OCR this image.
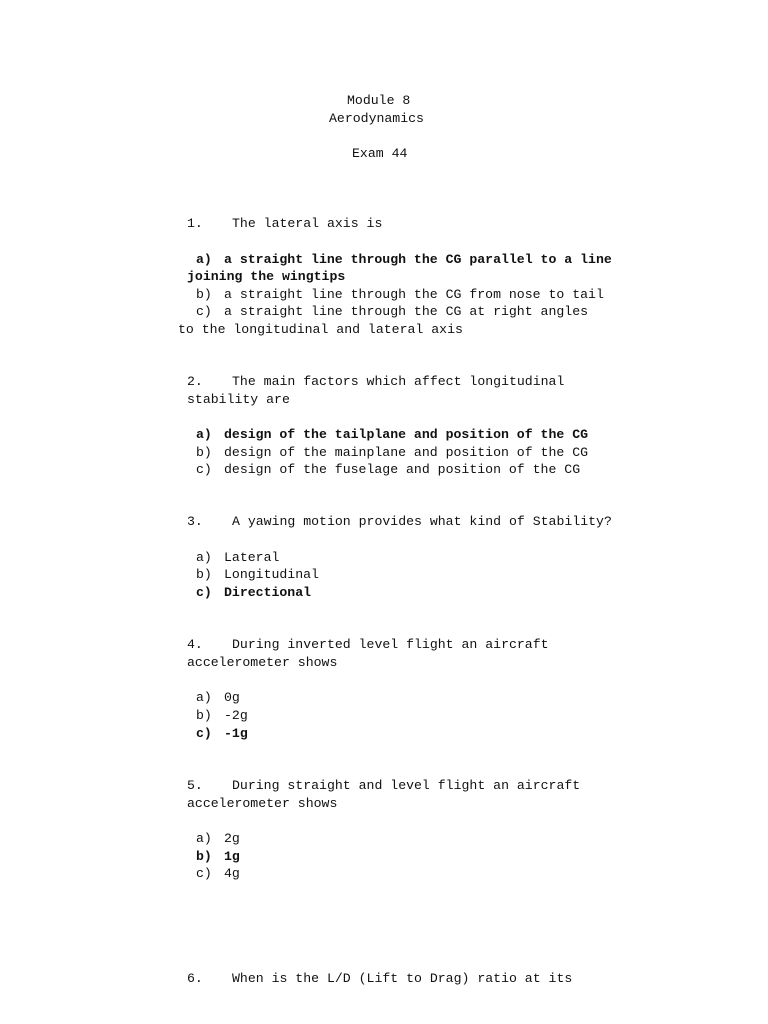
Module 8
Aerodynamics
Exam 44
1. The lateral axis is
a) a straight line through the CG parallel to a line
joining the wingtips
b) a straight line through the CG from nose to tail
c) a straight line through the CG at right angles
to the longitudinal and lateral axis
2. The main factors which affect longitudinal
stability are
a) design of the tailplane and position of the CG
b) design of the mainplane and position of the CG
c) design of the fuselage and position of the CG
3. A yawing motion provides what kind of Stability?
a) Lateral
b) Longitudinal
c) Directional
4. During inverted level flight an aircraft
accelerometer shows
a) 0g
b) -2g
c) -1g
5. During straight and level flight an aircraft
accelerometer shows
a) 2g
b) 1g
c) 4g
6. When is the L/D (Lift to Drag) ratio at its
